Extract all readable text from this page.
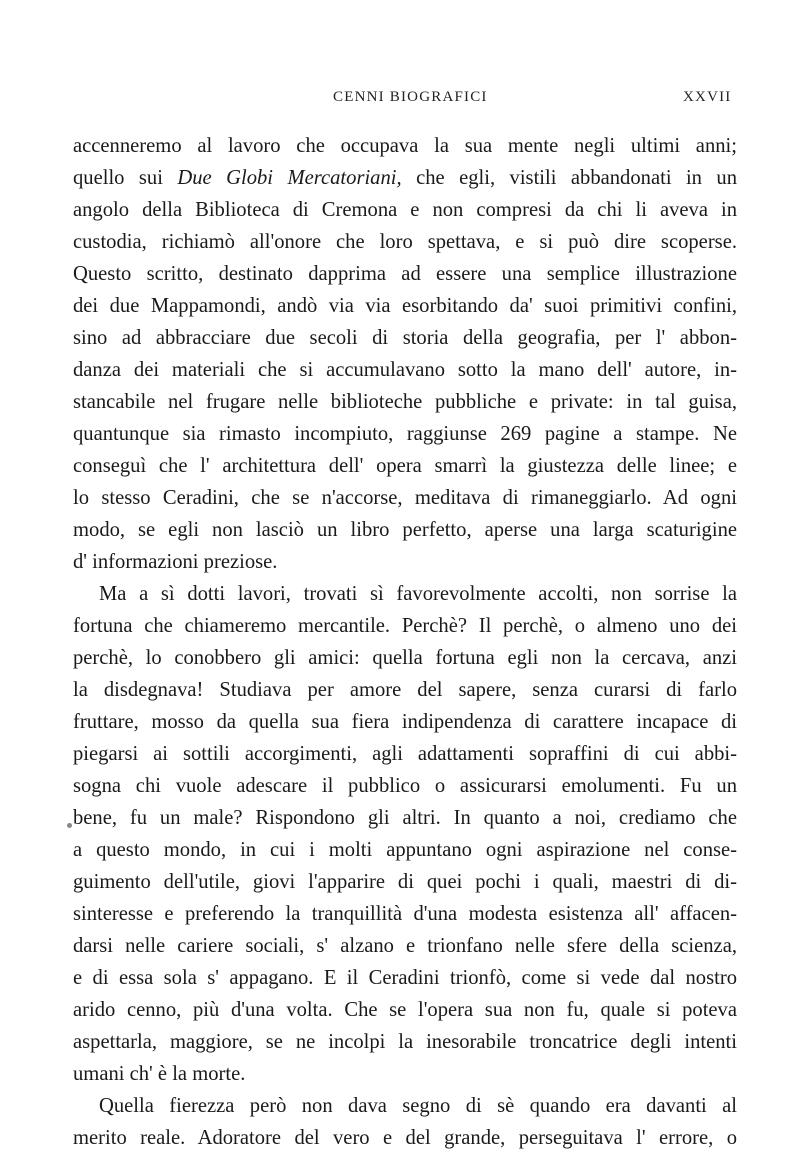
CENNI BIOGRAFICI	XXVII
accenneremo al lavoro che occupava la sua mente negli ultimi anni;
quello sui Due Globi Mercatoriani, che egli, vistili abbandonati in un
angolo della Biblioteca di Cremona e non compresi da chi li aveva in
custodia, richiamò all'onore che loro spettava, e si può dire scoperse.
Questo scritto, destinato dapprima ad essere una semplice illustrazione
dei due Mappamondi, andò via via esorbitando da' suoi primitivi confini,
sino ad abbracciare due secoli di storia della geografia, per l' abbon-
danza dei materiali che si accumulavano sotto la mano dell' autore, in-
stancabile nel frugare nelle biblioteche pubbliche e private: in tal guisa,
quantunque sia rimasto incompiuto, raggiunse 269 pagine a stampe. Ne
conseguì che l' architettura dell' opera smarrì la giustezza delle linee; e
lo stesso Ceradini, che se n'accorse, meditava di rimaneggiarlo. Ad ogni
modo, se egli non lasciò un libro perfetto, aperse una larga scaturigine
d' informazioni preziose.
Ma a sì dotti lavori, trovati sì favorevolmente accolti, non sorrise la
fortuna che chiameremo mercantile. Perchè? Il perchè, o almeno uno dei
perchè, lo conobbero gli amici: quella fortuna egli non la cercava, anzi
la disdegnava! Studiava per amore del sapere, senza curarsi di farlo
fruttare, mosso da quella sua fiera indipendenza di carattere incapace di
piegarsi ai sottili accorgimenti, agli adattamenti sopraffini di cui abbi-
sogna chi vuole adescare il pubblico o assicurarsi emolumenti. Fu un
bene, fu un male? Rispondono gli altri. In quanto a noi, crediamo che
a questo mondo, in cui i molti appuntano ogni aspirazione nel conse-
guimento dell'utile, giovi l'apparire di quei pochi i quali, maestri di di-
sinteresse e preferendo la tranquillità d'una modesta esistenza all' affacen-
darsi nelle cariere sociali, s' alzano e trionfano nelle sfere della scienza,
e di essa sola s' appagano. E il Ceradini trionfò, come si vede dal nostro
arido cenno, più d'una volta. Che se l'opera sua non fu, quale si poteva
aspettarla, maggiore, se ne incolpi la inesorabile troncatrice degli intenti
umani ch' è la morte.
Quella fierezza però non dava segno di sè quando era davanti al
merito reale. Adoratore del vero e del grande, perseguitava l' errore, o
